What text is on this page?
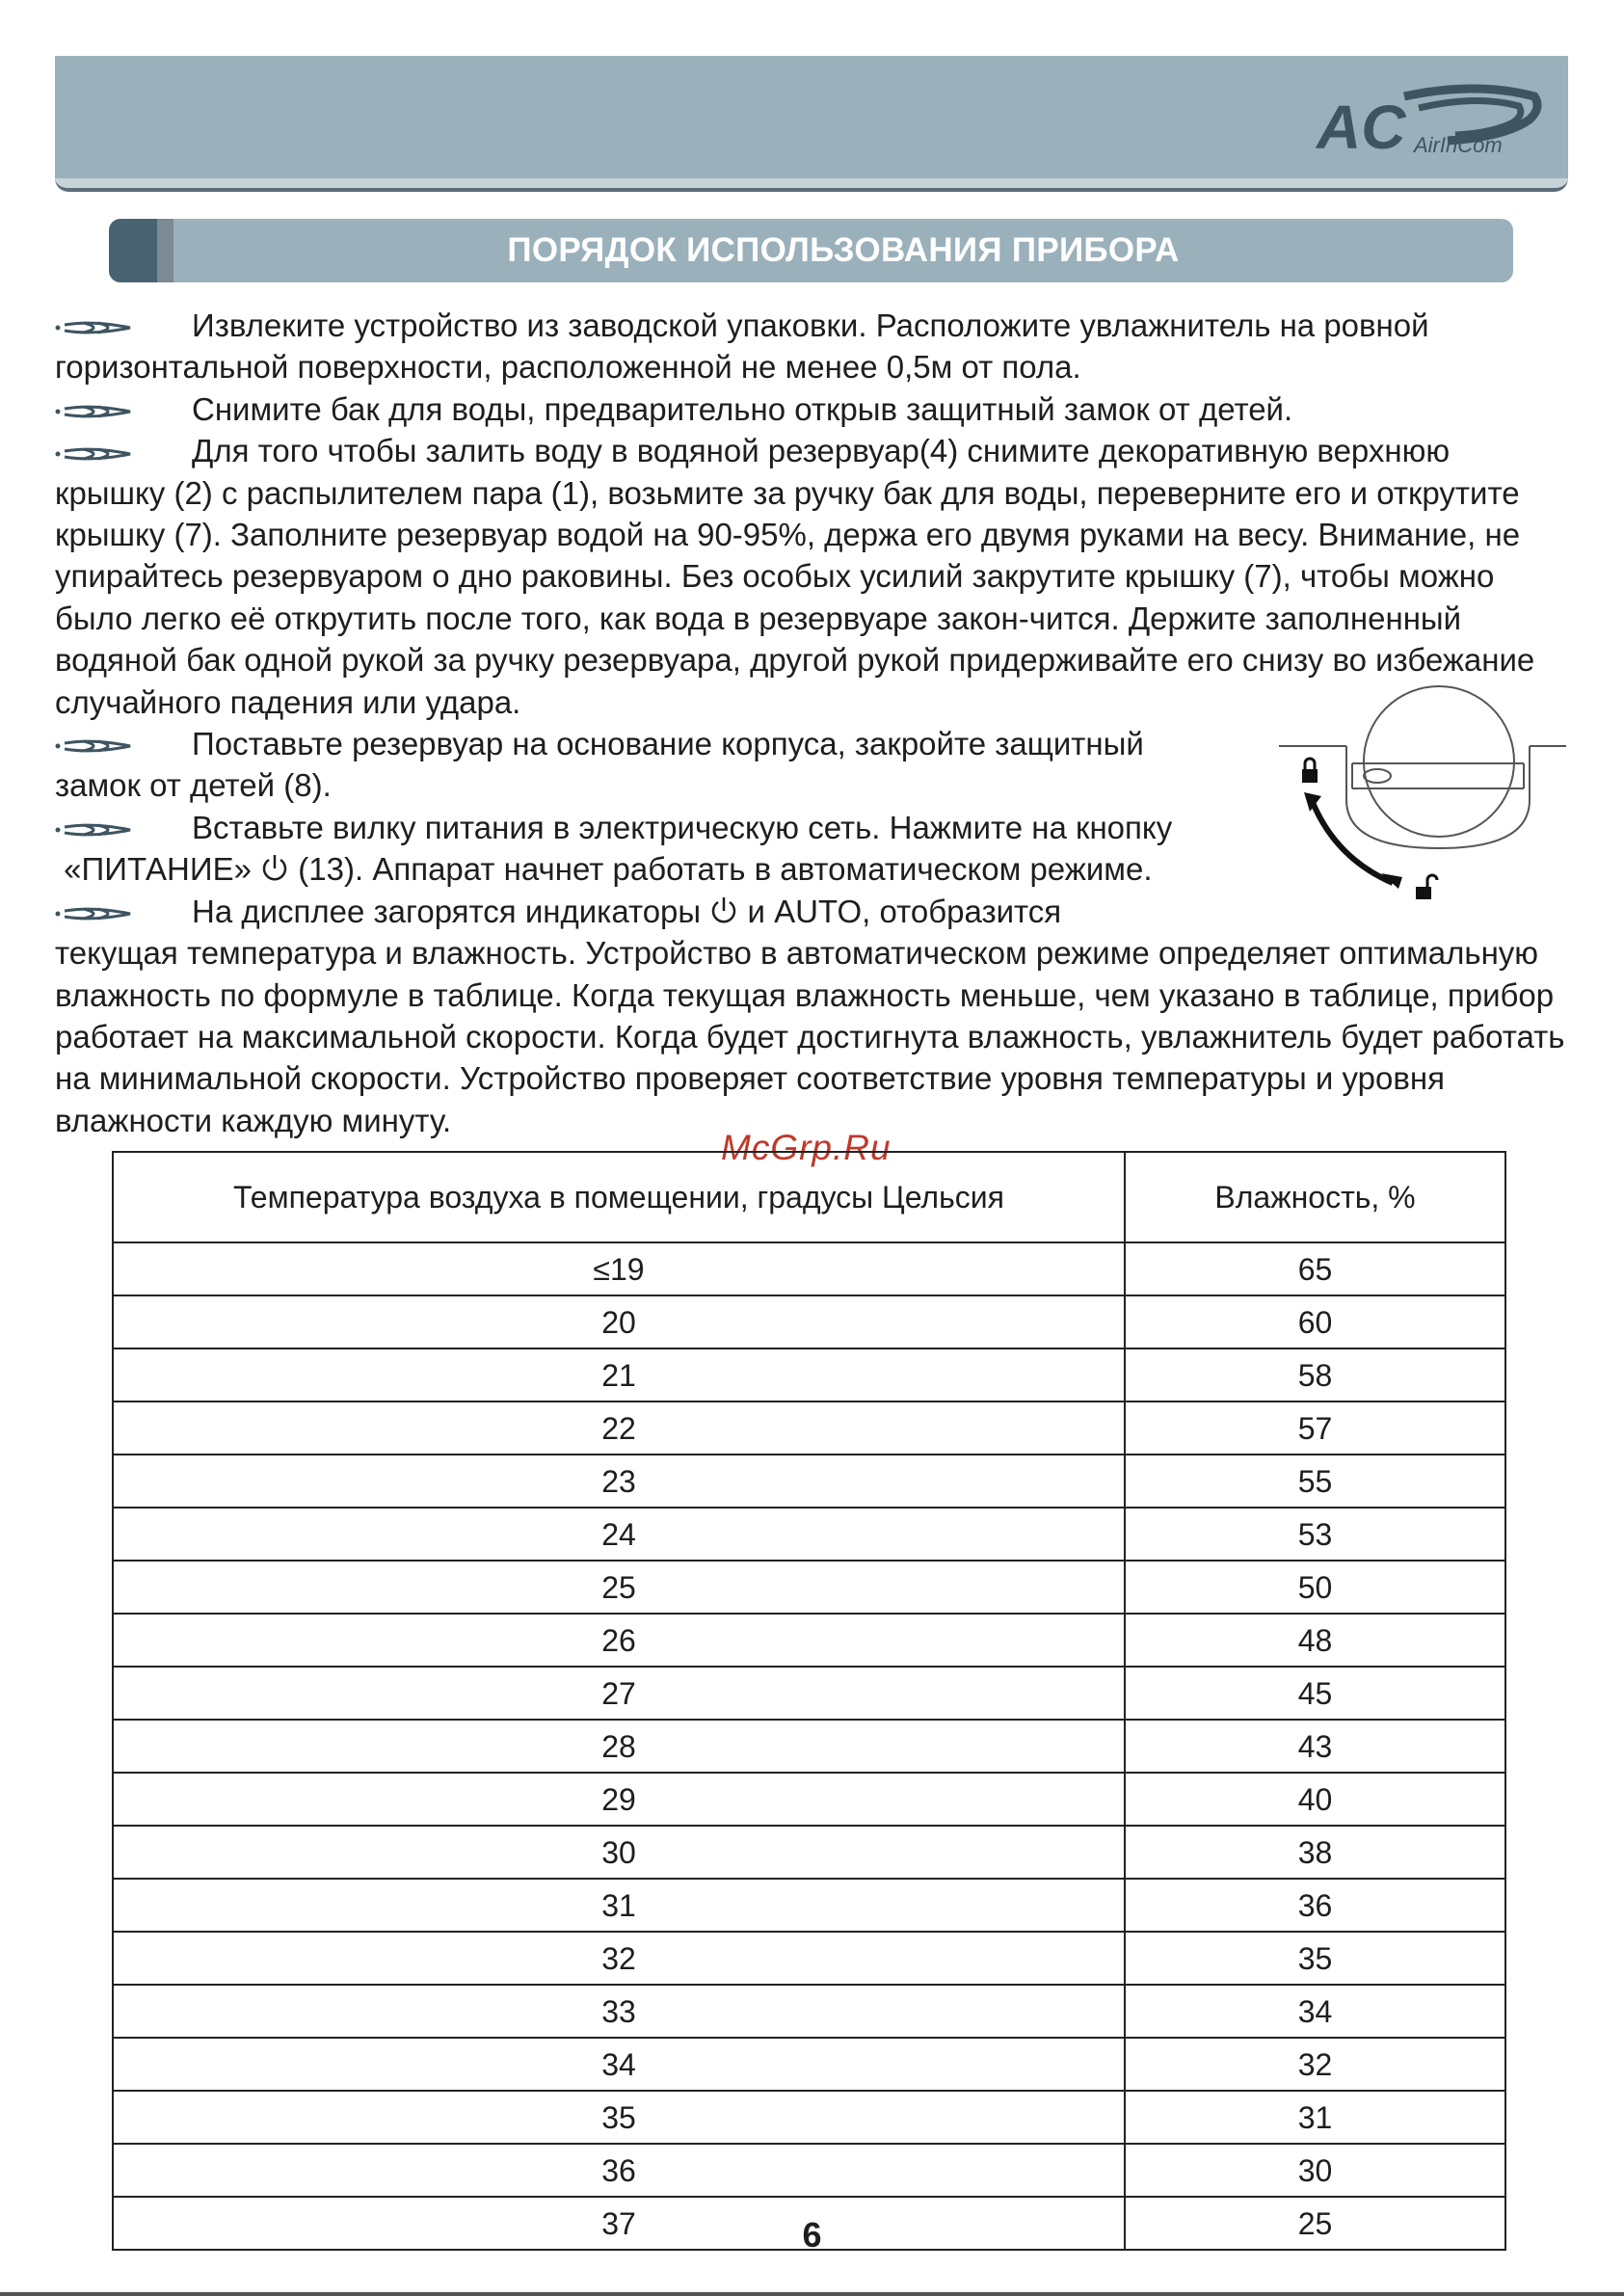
AC AirInCom
ПОРЯДОК ИСПОЛЬЗОВАНИЯ ПРИБОРА

Извлеките устройство из заводской упаковки. Расположите увлажнитель на ровной
горизонтальной поверхности, расположенной не менее 0,5м от пола.

Снимите бак для воды, предварительно открыв защитный замок от детей.

Для того чтобы залить воду в водяной резервуар(4) снимите декоративную верхнюю
крышку (2) с распылителем пара (1), возьмите за ручку бак для воды, переверните его и открутите крышку (7). Заполните резервуар водой на 90-95%, держа его двумя руками на весу. Внимание, не упирайтесь резервуаром о дно раковины. Без особых усилий закрутите крышку (7), чтобы можно было легко её открутить после того, как вода в резервуаре закон-чится. Держите заполненный водяной бак одной рукой за ручку резервуара, другой рукой придерживайте его снизу во избежание случайного падения или удара.

Поставьте резервуар на основание корпуса, закройте защитный
замок от детей (8).

Вставьте вилку питания в электрическую сеть. Нажмите на кнопку
«ПИТАНИЕ» (13). Аппарат начнет работать в автоматическом режиме.

На дисплее загорятся индикаторы и AUTO, отобразится
текущая температура и влажность. Устройство в автоматическом режиме определяет оптимальную влажность по формуле в таблице. Когда текущая влажность меньше, чем указано в таблице, прибор работает на максимальной скорости. Когда будет достигнута влажность, увлажнитель будет работать на минимальной скорости. Устройство проверяет соответствие уровня температуры и уровня влажности каждую минуту.

McGrp.Ru
Температура воздуха в помещении, градусы Цельсия	Влажность, %
≤19	65
20	60
21	58
22	57
23	55
24	53
25	50
26	48
27	45
28	43
29	40
30	38
31	36
32	35
33	34
34	32
35	31
36	30
37	25
6
